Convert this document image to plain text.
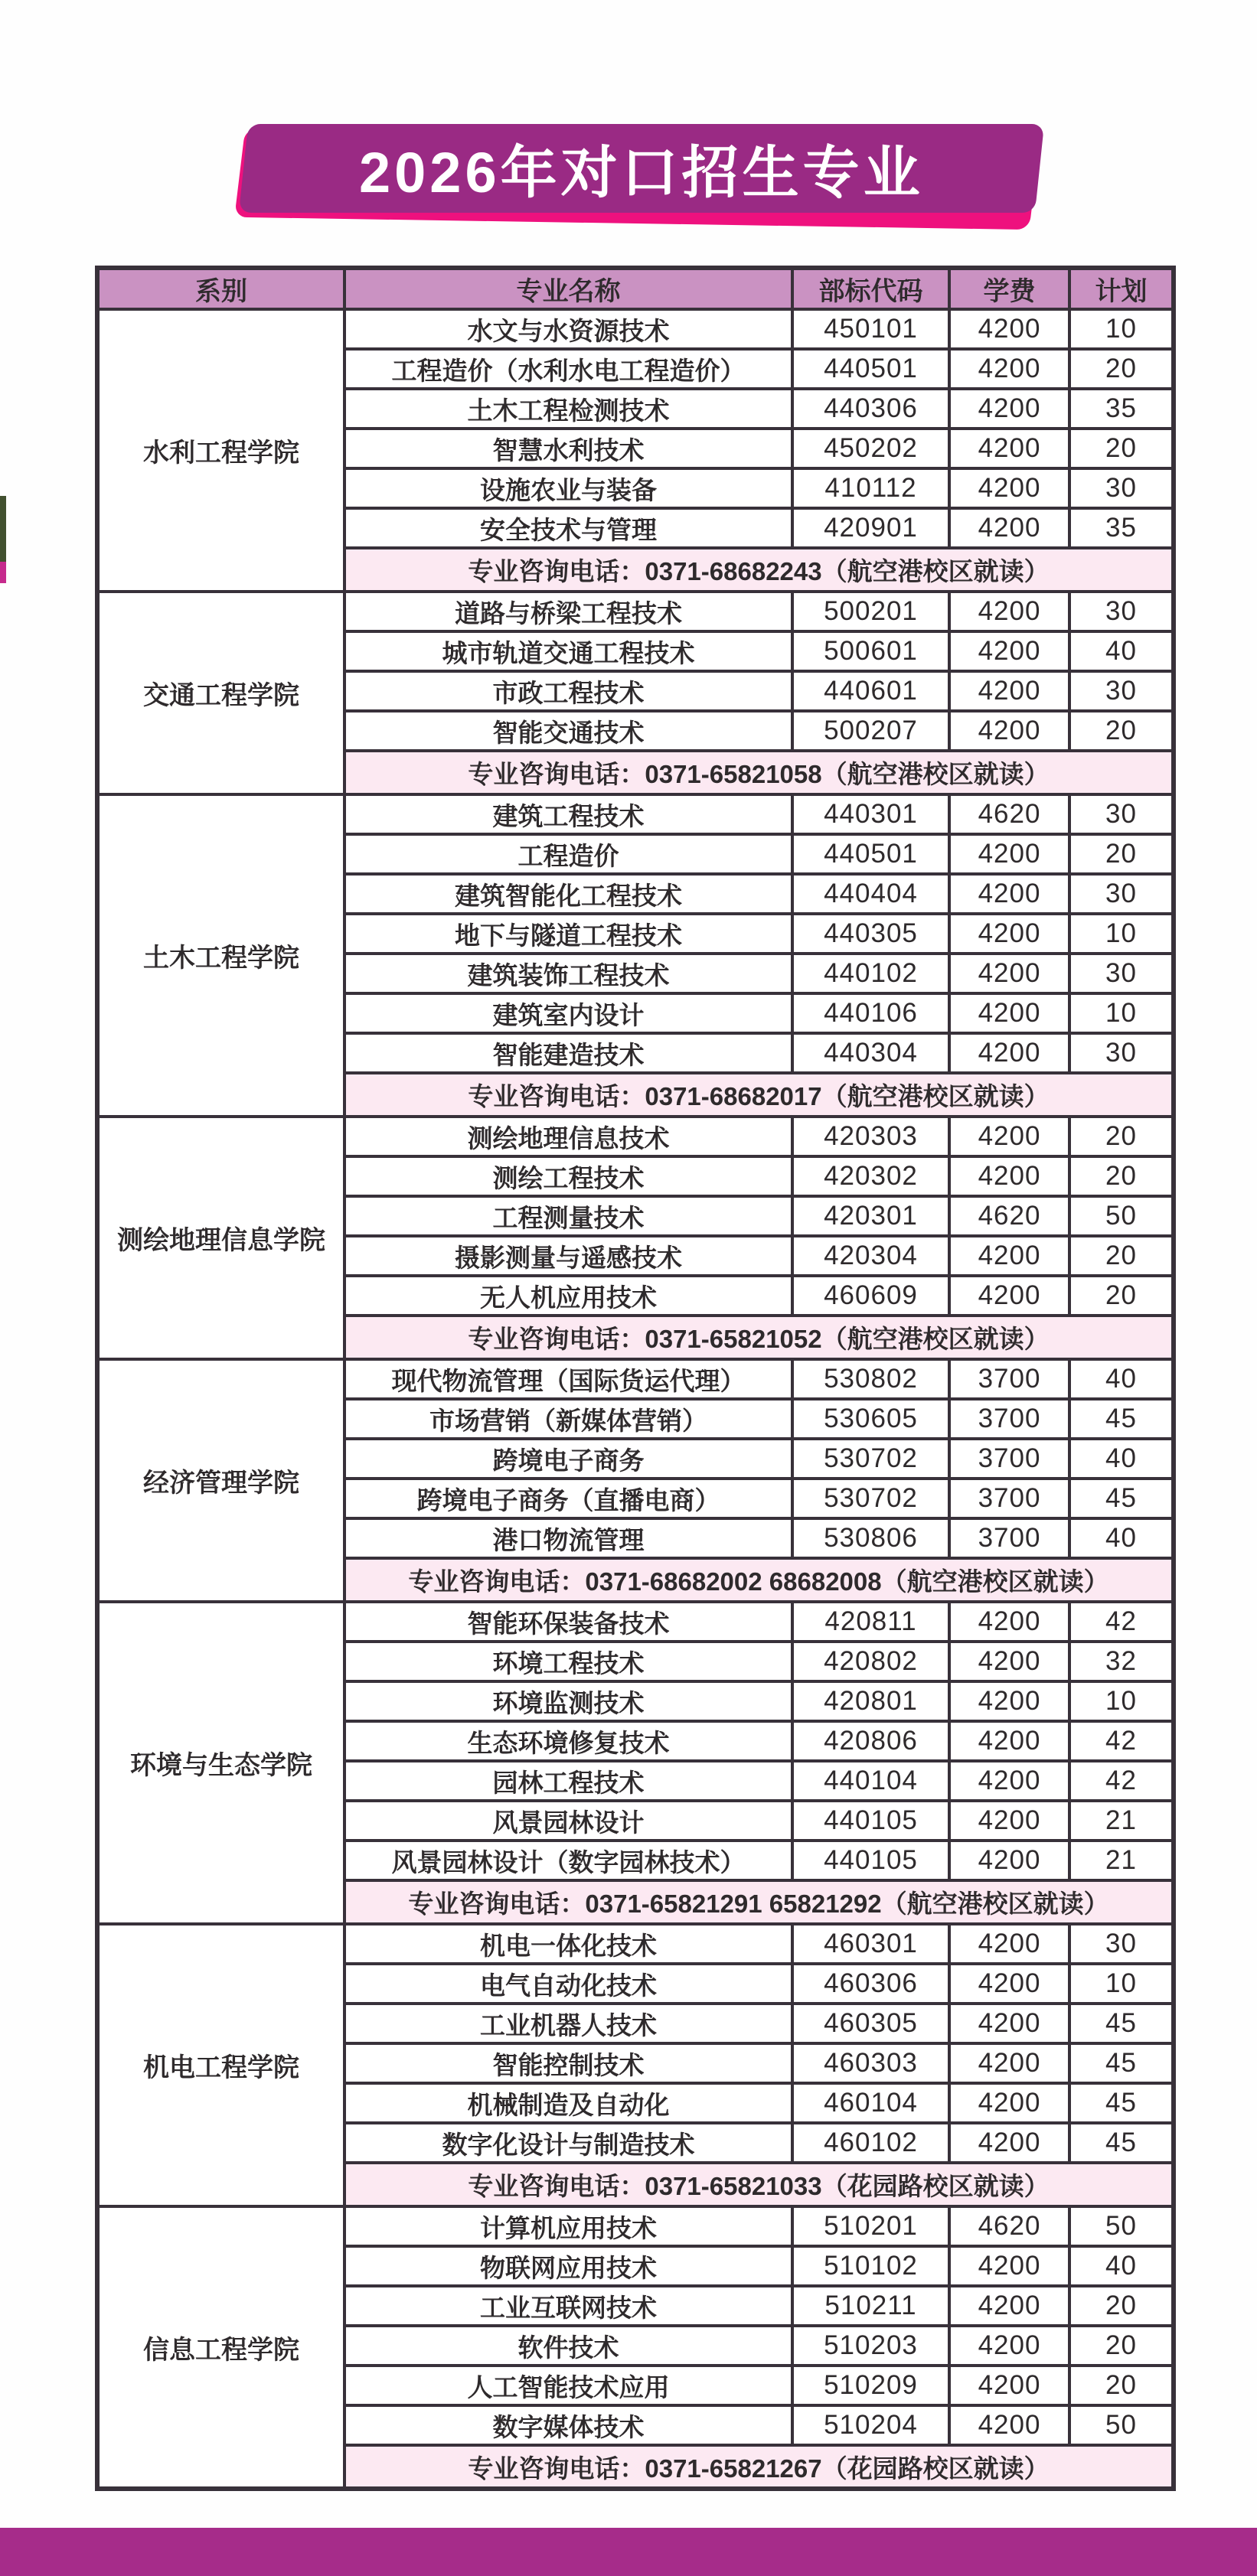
2026年对口招生专业
系别	专业名称	部标代码	学费	计划
水利工程学院	水文与水资源技术	450101	4200	10
	工程造价（水利水电工程造价）	440501	4200	20
	土木工程检测技术	440306	4200	35
	智慧水利技术	450202	4200	20
	设施农业与装备	410112	4200	30
	安全技术与管理	420901	4200	35
	专业咨询电话：0371-68682243（航空港校区就读）			
交通工程学院	道路与桥梁工程技术	500201	4200	30
	城市轨道交通工程技术	500601	4200	40
	市政工程技术	440601	4200	30
	智能交通技术	500207	4200	20
	专业咨询电话：0371-65821058（航空港校区就读）			
土木工程学院	建筑工程技术	440301	4620	30
	工程造价	440501	4200	20
	建筑智能化工程技术	440404	4200	30
	地下与隧道工程技术	440305	4200	10
	建筑装饰工程技术	440102	4200	30
	建筑室内设计	440106	4200	10
	智能建造技术	440304	4200	30
	专业咨询电话：0371-68682017（航空港校区就读）			
测绘地理信息学院	测绘地理信息技术	420303	4200	20
	测绘工程技术	420302	4200	20
	工程测量技术	420301	4620	50
	摄影测量与遥感技术	420304	4200	20
	无人机应用技术	460609	4200	20
	专业咨询电话：0371-65821052（航空港校区就读）			
经济管理学院	现代物流管理（国际货运代理）	530802	3700	40
	市场营销（新媒体营销）	530605	3700	45
	跨境电子商务	530702	3700	40
	跨境电子商务（直播电商）	530702	3700	45
	港口物流管理	530806	3700	40
	专业咨询电话：0371-68682002 68682008（航空港校区就读）			
环境与生态学院	智能环保装备技术	420811	4200	42
	环境工程技术	420802	4200	32
	环境监测技术	420801	4200	10
	生态环境修复技术	420806	4200	42
	园林工程技术	440104	4200	42
	风景园林设计	440105	4200	21
	风景园林设计（数字园林技术）	440105	4200	21
	专业咨询电话：0371-65821291 65821292（航空港校区就读）			
机电工程学院	机电一体化技术	460301	4200	30
	电气自动化技术	460306	4200	10
	工业机器人技术	460305	4200	45
	智能控制技术	460303	4200	45
	机械制造及自动化	460104	4200	45
	数字化设计与制造技术	460102	4200	45
	专业咨询电话：0371-65821033（花园路校区就读）			
信息工程学院	计算机应用技术	510201	4620	50
	物联网应用技术	510102	4200	40
	工业互联网技术	510211	4200	20
	软件技术	510203	4200	20
	人工智能技术应用	510209	4200	20
	数字媒体技术	510204	4200	50
	专业咨询电话：0371-65821267（花园路校区就读）			
